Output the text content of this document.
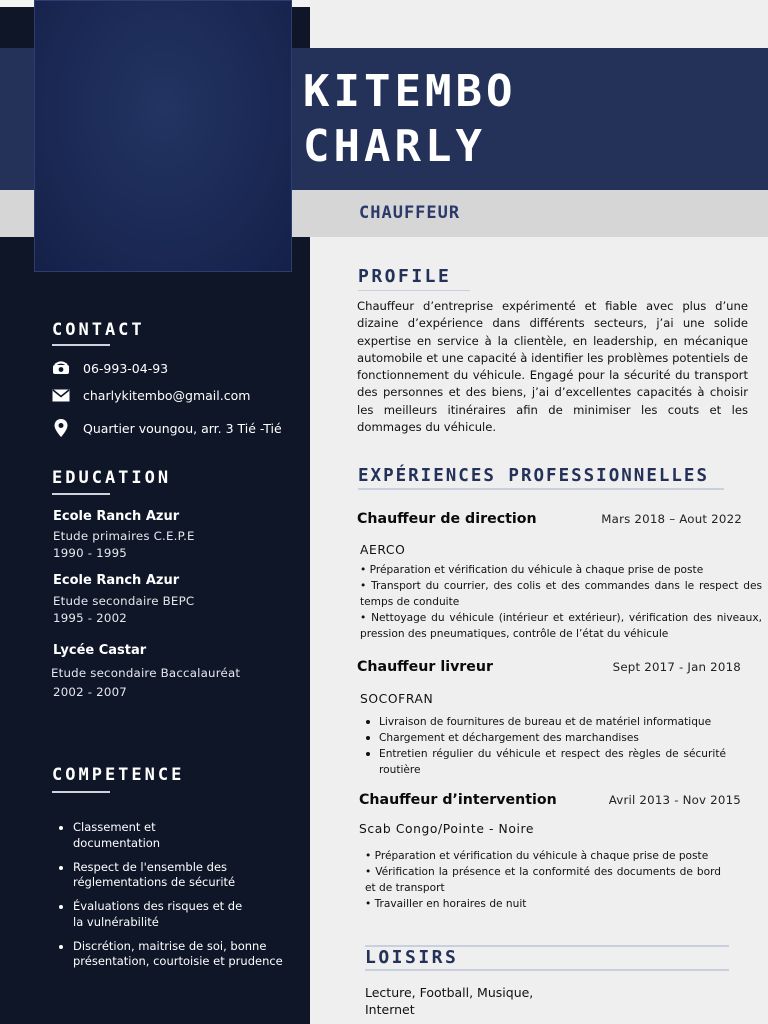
KITEMBO
CHARLY
CHAUFFEUR
CONTACT
06-993-04-93
charlykitembo@gmail.com
Quartier voungou, arr. 3 Tié -Tié
EDUCATION
Ecole Ranch Azur
Etude primaires C.E.P.E
1990 - 1995
Ecole Ranch Azur
Etude secondaire BEPC
1995 - 2002
Lycée Castar
Etude secondaire Baccalauréat
2002 - 2007
COMPETENCE
Classement et documentation
Respect de l'ensemble des réglementations de sécurité
Évaluations des risques et de la vulnérabilité
Discrétion, maitrise de soi, bonne présentation, courtoisie et prudence
PROFILE
Chauffeur d’entreprise expérimenté et fiable avec plus d’une dizaine d’expérience dans différents secteurs, j’ai une solide expertise en service à la clientèle, en leadership, en mécanique automobile et une capacité à identifier les problèmes potentiels de fonctionnement du véhicule. Engagé pour la sécurité du transport des personnes et des biens, j’ai d’excellentes capacités à choisir les meilleurs itinéraires afin de minimiser les couts et les dommages du véhicule.
EXPÉRIENCES PROFESSIONNELLES
Chauffeur de direction	Mars 2018 – Aout 2022
AERCO
• Préparation et vérification du véhicule à chaque prise de poste
• Transport du courrier, des colis et des commandes dans le respect des temps de conduite
• Nettoyage du véhicule (intérieur et extérieur), vérification des niveaux, pression des pneumatiques, contrôle de l’état du véhicule
Chauffeur livreur	Sept 2017 - Jan 2018
SOCOFRAN
Livraison de fournitures de bureau et de matériel informatique
Chargement et déchargement des marchandises
Entretien régulier du véhicule et respect des règles de sécurité routière
Chauffeur d’intervention	Avril 2013 - Nov 2015
Scab Congo/Pointe - Noire
• Préparation et vérification du véhicule à chaque prise de poste
• Vérification la présence et la conformité des documents de bord et de transport
• Travailler en horaires de nuit
LOISIRS
Lecture, Football, Musique, Internet
